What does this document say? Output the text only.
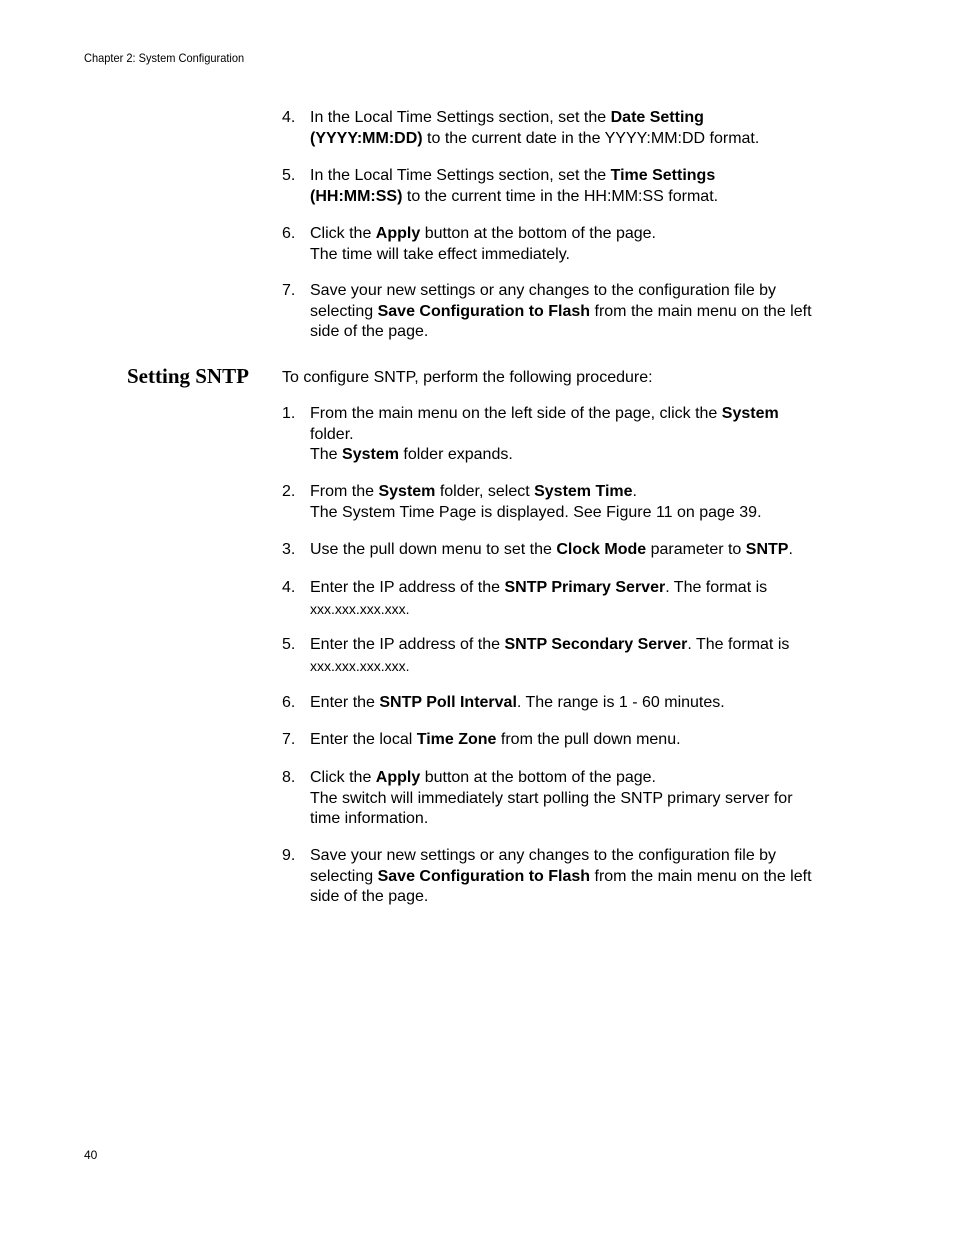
Chapter 2: System Configuration
4. In the Local Time Settings section, set the Date Setting
(YYYY:MM:DD) to the current date in the YYYY:MM:DD format.
5. In the Local Time Settings section, set the Time Settings
(HH:MM:SS) to the current time in the HH:MM:SS format.
6. Click the Apply button at the bottom of the page.
The time will take effect immediately.
7. Save your new settings or any changes to the configuration file by
selecting Save Configuration to Flash from the main menu on the left
side of the page.
Setting SNTP To configure SNTP, perform the following procedure:
1. From the main menu on the left side of the page, click the System
folder.
The System folder expands.
2. From the System folder, select System Time.
The System Time Page is displayed. See Figure 11 on page 39.
3. Use the pull down menu to set the Clock Mode parameter to SNTP.
4. Enter the IP address of the SNTP Primary Server. The format is
xxx.xxx.xxx.xxx.
5. Enter the IP address of the SNTP Secondary Server. The format is
xxx.xxx.xxx.xxx.
6. Enter the SNTP Poll Interval. The range is 1 - 60 minutes.
7. Enter the local Time Zone from the pull down menu.
8. Click the Apply button at the bottom of the page.
The switch will immediately start polling the SNTP primary server for
time information.
9. Save your new settings or any changes to the configuration file by
selecting Save Configuration to Flash from the main menu on the left
side of the page.
40
